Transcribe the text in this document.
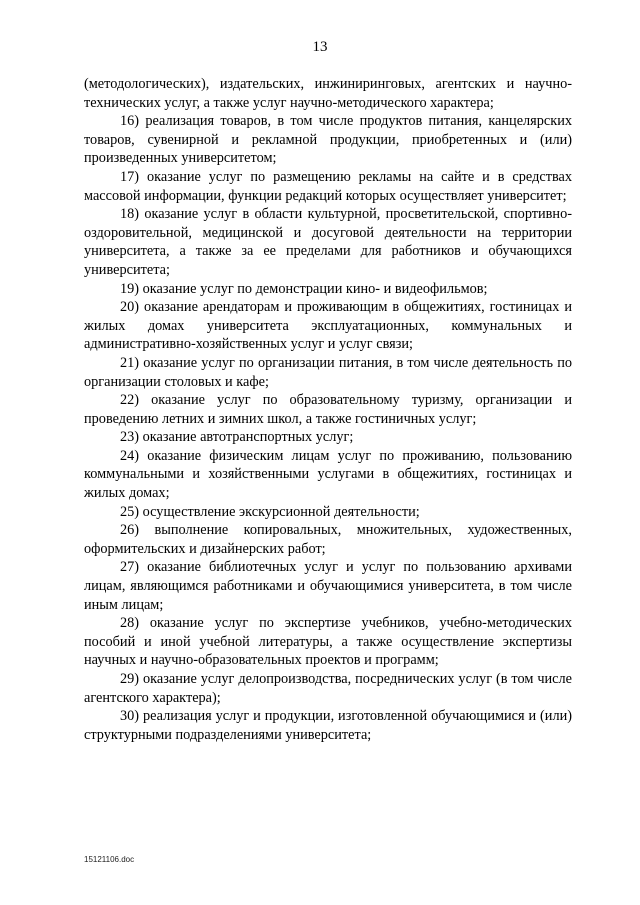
13

(методологических), издательских, инжиниринговых, агентских и научно-технических услуг, а также услуг научно-методического характера;

16) реализация товаров, в том числе продуктов питания, канцелярских товаров, сувенирной и рекламной продукции, приобретенных и (или) произведенных университетом;

17) оказание услуг по размещению рекламы на сайте и в средствах массовой информации, функции редакций которых осуществляет университет;

18) оказание услуг в области культурной, просветительской, спортивно-оздоровительной, медицинской и досуговой деятельности на территории университета, а также за ее пределами для работников и обучающихся университета;

19) оказание услуг по демонстрации кино- и видеофильмов;

20) оказание арендаторам и проживающим в общежитиях, гостиницах и жилых домах университета эксплуатационных, коммунальных и административно-хозяйственных услуг и услуг связи;

21) оказание услуг по организации питания, в том числе деятельность по организации столовых и кафе;

22) оказание услуг по образовательному туризму, организации и проведению летних и зимних школ, а также гостиничных услуг;

23) оказание автотранспортных услуг;

24) оказание физическим лицам услуг по проживанию, пользованию коммунальными и хозяйственными услугами в общежитиях, гостиницах и жилых домах;

25) осуществление экскурсионной деятельности;

26) выполнение копировальных, множительных, художественных, оформительских и дизайнерских работ;

27) оказание библиотечных услуг и услуг по пользованию архивами лицам, являющимся работниками и обучающимися университета, в том числе иным лицам;

28) оказание услуг по экспертизе учебников, учебно-методических пособий и иной учебной литературы, а также осуществление экспертизы научных и научно-образовательных проектов и программ;

29) оказание услуг делопроизводства, посреднических услуг (в том числе агентского характера);

30) реализация услуг и продукции, изготовленной обучающимися и (или) структурными подразделениями университета;

15121106.doc
